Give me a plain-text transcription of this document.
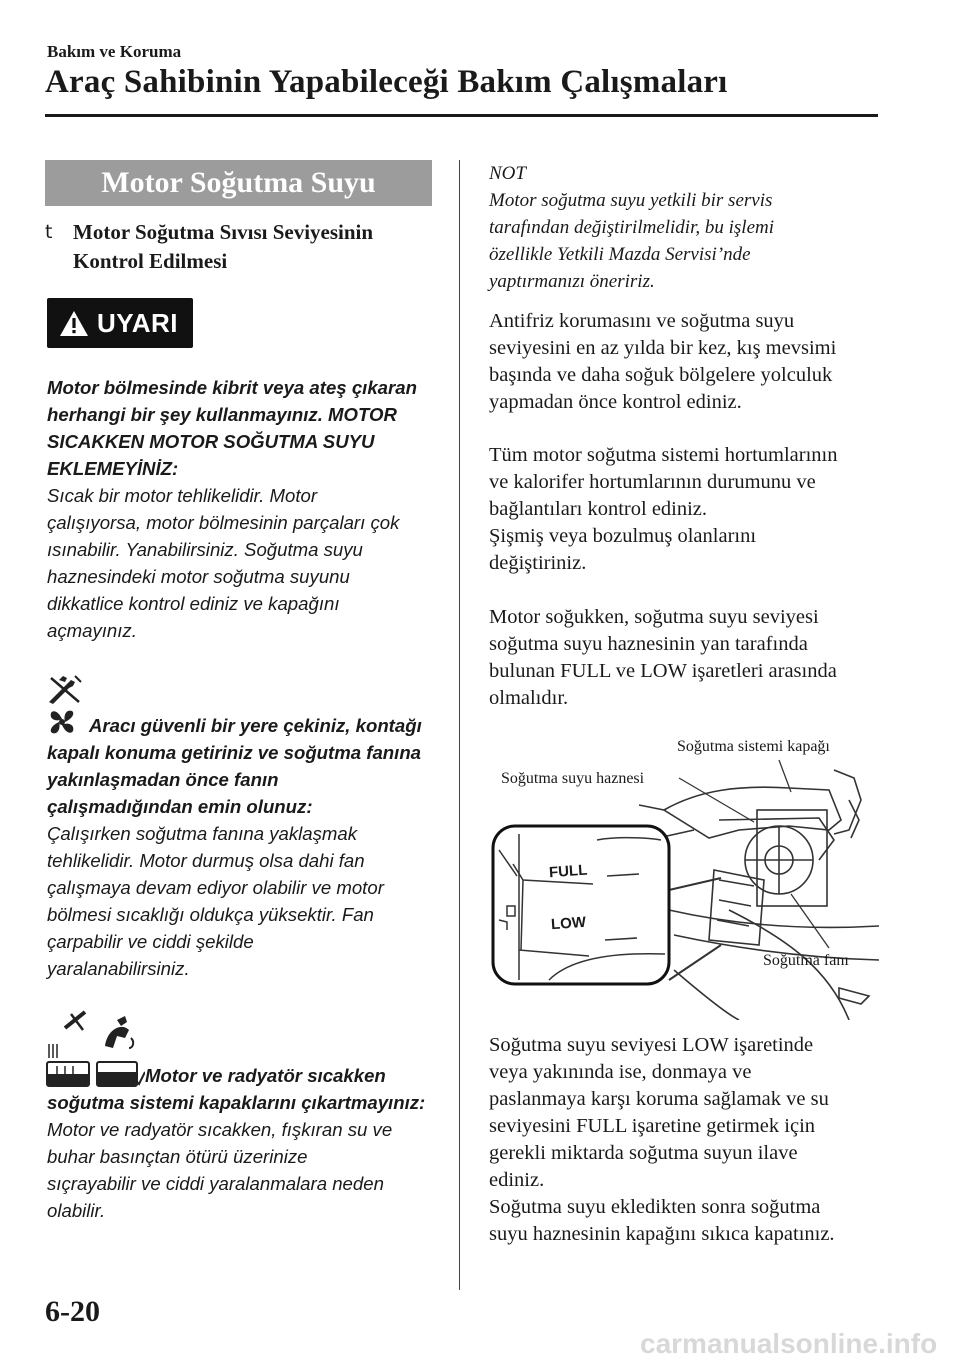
Bakım ve Koruma
Araç Sahibinin Yapabileceği Bakım Çalışmaları
Motor Soğutma Suyu
t Motor Soğutma Sıvısı Seviyesinin
Kontrol Edilmesi
UYARI

Motor bölmesinde kibrit veya ateş çıkaran

herhangi bir şey kullanmayınız. MOTOR

SICAKKEN MOTOR SOĞUTMA SUYU

EKLEMEYİNİZ:

Sıcak bir motor tehlikelidir. Motor

çalışıyorsa, motor bölmesinin parçaları çok

ısınabilir. Yanabilirsiniz. Soğutma suyu

haznesindeki motor soğutma suyunu

dikkatlice kontrol ediniz ve kapağını

açmayınız.

Aracı güvenli bir yere çekiniz, kontağı

kapalı konuma getiriniz ve soğutma fanına

yakınlaşmadan önce fanın

çalışmadığından emin olunuz:

Çalışırken soğutma fanına yaklaşmak

tehlikelidir. Motor durmuş olsa dahi fan

çalışmaya devam ediyor olabilir ve motor

bölmesi sıcaklığı oldukça yüksektir. Fan

çarpabilir ve ciddi şekilde

yaralanabilirsiniz.

Motor ve radyatör sıcakken

soğutma sistemi kapaklarını çıkartmayınız:

Motor ve radyatör sıcakken, fışkıran su ve

buhar basınçtan ötürü üzerinize

sıçrayabilir ve ciddi yaralanmalara neden

olabilir.

NOT

Motor soğutma suyu yetkili bir servis

tarafından değiştirilmelidir, bu işlemi

özellikle Yetkili Mazda Servisi’nde

yaptırmanızı öneririz.

Antifriz korumasını ve soğutma suyu

seviyesini en az yılda bir kez, kış mevsimi

başında ve daha soğuk bölgelere yolculuk

yapmadan önce kontrol ediniz.

Tüm motor soğutma sistemi hortumlarının

ve kalorifer hortumlarının durumunu ve

bağlantıları kontrol ediniz.

Şişmiş veya bozulmuş olanlarını

değiştiriniz.

Motor soğukken, soğutma suyu seviyesi

soğutma suyu haznesinin yan tarafında

bulunan FULL ve LOW işaretleri arasında

olmalıdır.

Soğutma sistemi kapağı
Soğutma suyu haznesi
Soğutma fanı
FULL
LOW

Soğutma suyu seviyesi LOW işaretinde

veya yakınında ise, donmaya ve

paslanmaya karşı koruma sağlamak ve su

seviyesini FULL işaretine getirmek için

gerekli miktarda soğutma suyun ilave

ediniz.

Soğutma suyu ekledikten sonra soğutma

suyu haznesinin kapağını sıkıca kapatınız.

6-20
carmanualsonline.info
